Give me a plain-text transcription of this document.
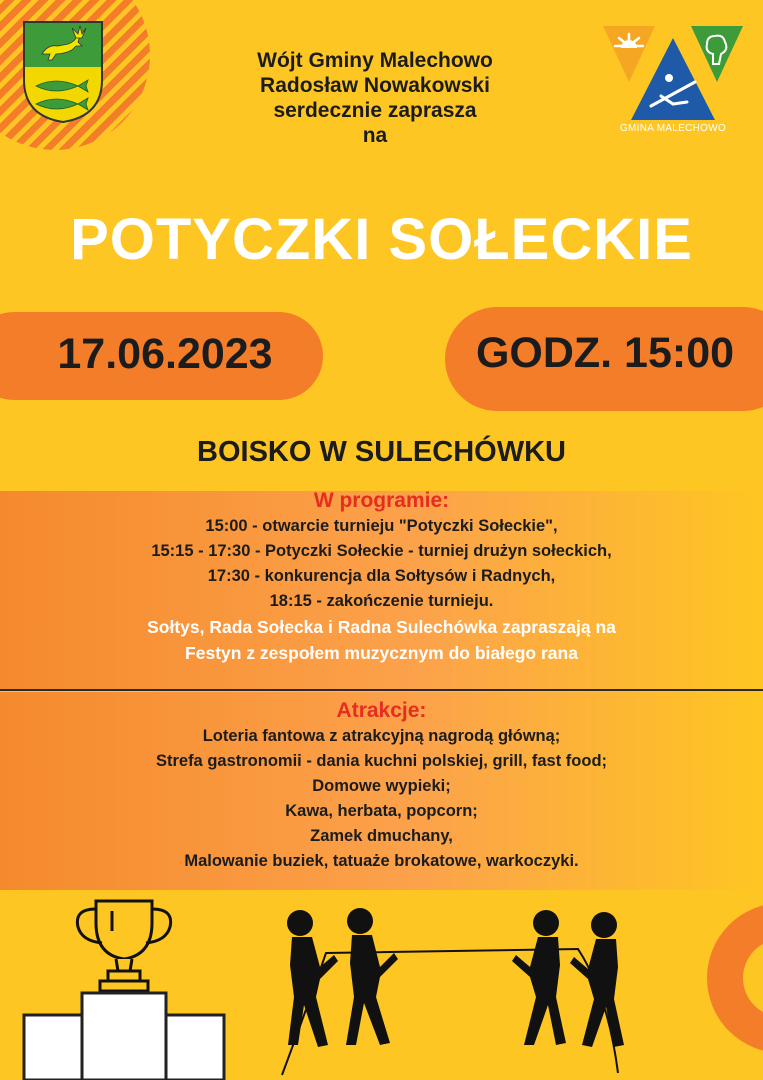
Wójt Gminy Malechowo
Radosław Nowakowski
serdecznie zaprasza
na	GMINA MALECHOWO
POTYCZKI SOŁECKIE
17.06.2023	GODZ. 15:00
BOISKO W SULECHÓWKU
W programie:
15:00 - otwarcie turnieju "Potyczki Sołeckie",
15:15 - 17:30 - Potyczki Sołeckie - turniej drużyn sołeckich,
17:30 - konkurencja dla Sołtysów i Radnych,
18:15 - zakończenie turnieju.
Sołtys, Rada Sołecka i Radna Sulechówka zapraszają na
Festyn z zespołem muzycznym do białego rana
Atrakcje:
Loteria fantowa z atrakcyjną nagrodą główną;
Strefa gastronomii - dania kuchni polskiej, grill, fast food;
Domowe wypieki;
Kawa, herbata, popcorn;
Zamek dmuchany,
Malowanie buziek, tatuaże brokatowe, warkoczyki.
